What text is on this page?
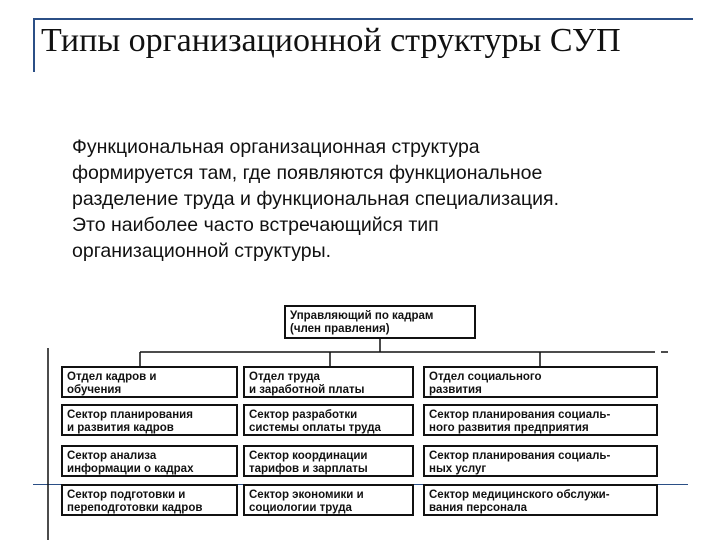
Типы организационной структуры СУП
Функциональная организационная структура
формируется там, где появляются функциональное
разделение труда и функциональная специализация.
Это наиболее часто встречающийся тип
организационной структуры.
Управляющий по кадрам
(член правления)
Отдел кадров и
обучения
Сектор планирования
и развития кадров
Сектор анализа
информации о кадрах
Сектор подготовки и
переподготовки кадров
Отдел труда
и заработной платы
Сектор разработки
системы оплаты труда
Сектор координации
тарифов и зарплаты
Сектор экономики и
социологии труда
Отдел социального
развития
Сектор планирования социаль-
ного развития предприятия
Сектор планирования социаль-
ных услуг
Сектор медицинского обслужи-
вания персонала
